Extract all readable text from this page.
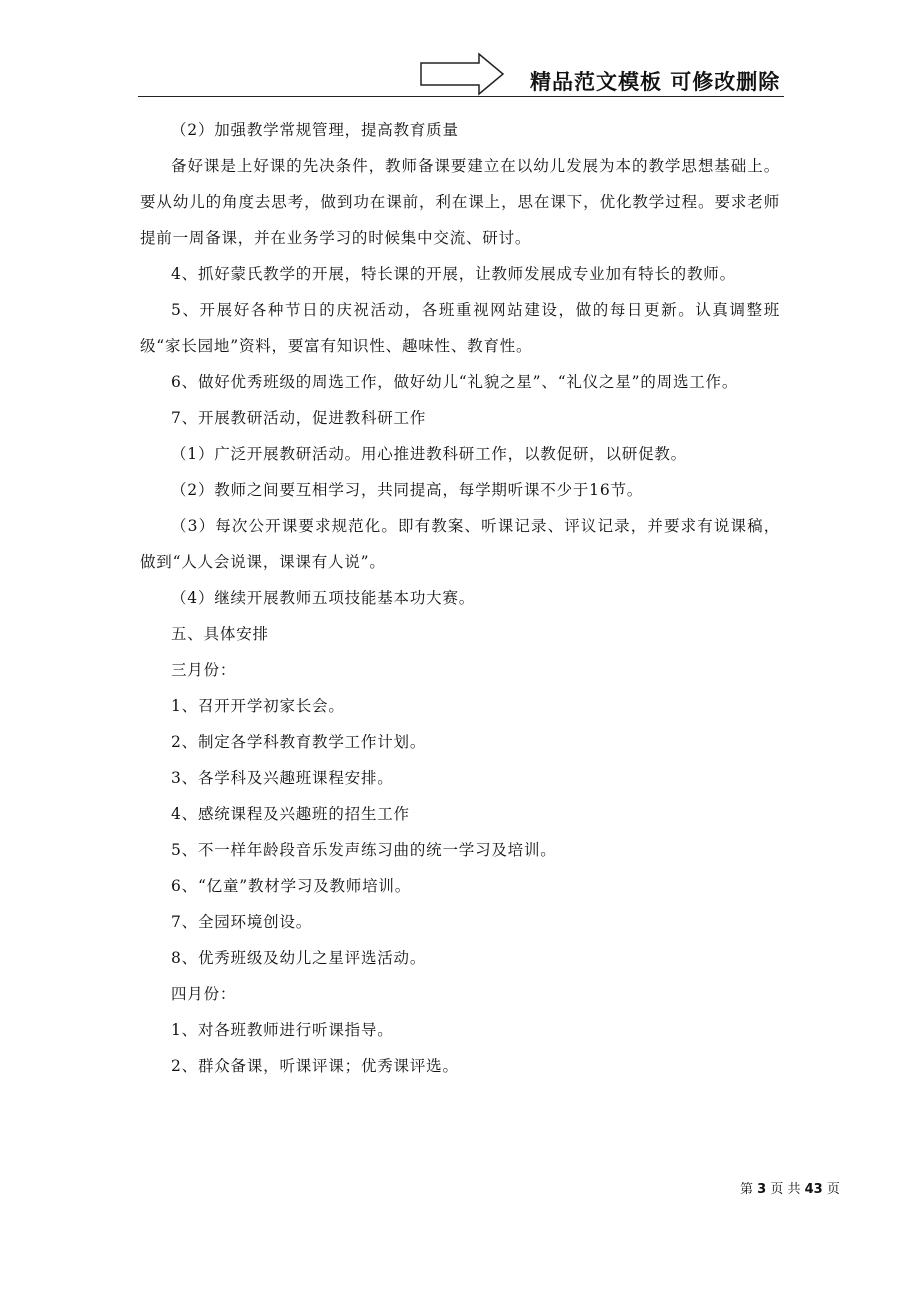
精品范文模板 可修改删除

（2）加强教学常规管理，提高教育质量

备好课是上好课的先决条件，教师备课要建立在以幼儿发展为本的教学思想基础上。要从幼儿的角度去思考，做到功在课前，利在课上，思在课下，优化教学过程。要求老师提前一周备课，并在业务学习的时候集中交流、研讨。

4、抓好蒙氏教学的开展，特长课的开展，让教师发展成专业加有特长的教师。

5、开展好各种节日的庆祝活动，各班重视网站建设，做的每日更新。认真调整班级“家长园地”资料，要富有知识性、趣味性、教育性。

6、做好优秀班级的周选工作，做好幼儿“礼貌之星”、“礼仪之星”的周选工作。

7、开展教研活动，促进教科研工作

（1）广泛开展教研活动。用心推进教科研工作，以教促研，以研促教。

（2）教师之间要互相学习，共同提高，每学期听课不少于16节。

（3）每次公开课要求规范化。即有教案、听课记录、评议记录，并要求有说课稿，做到“人人会说课，课课有人说”。

（4）继续开展教师五项技能基本功大赛。

五、具体安排

三月份：

1、召开开学初家长会。

2、制定各学科教育教学工作计划。

3、各学科及兴趣班课程安排。

4、感统课程及兴趣班的招生工作

5、不一样年龄段音乐发声练习曲的统一学习及培训。

6、“亿童”教材学习及教师培训。

7、全园环境创设。

8、优秀班级及幼儿之星评选活动。

四月份：

1、对各班教师进行听课指导。

2、群众备课，听课评课；优秀课评选。

第 3 页 共 43 页
